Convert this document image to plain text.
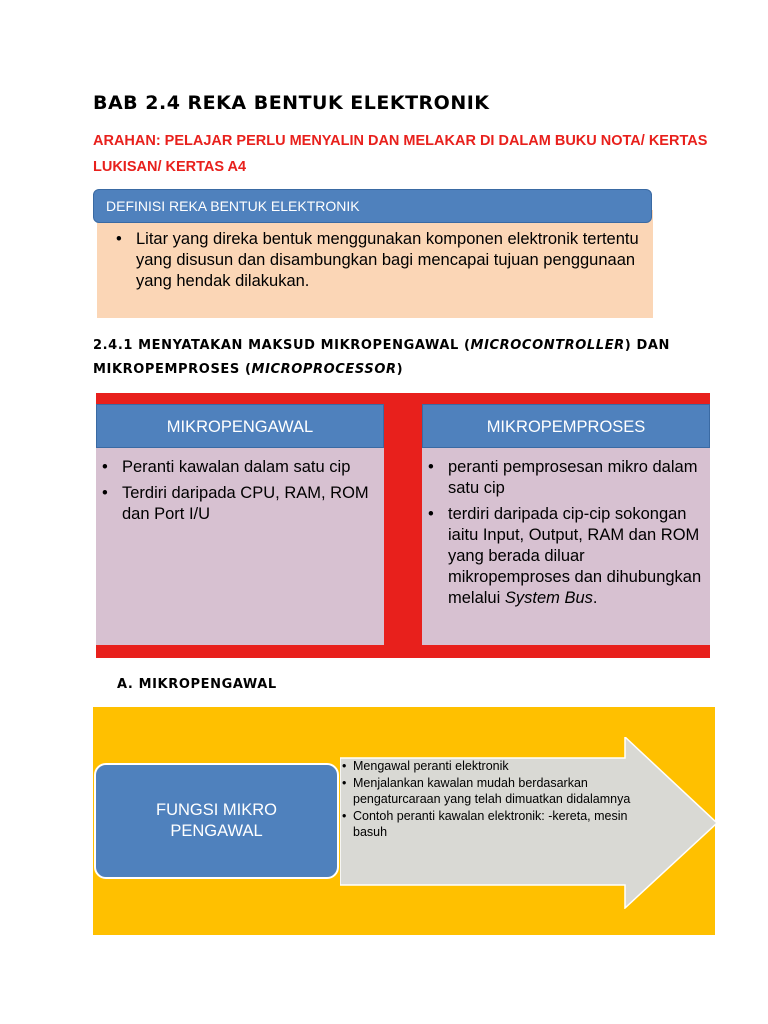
BAB 2.4 REKA BENTUK ELEKTRONIK
ARAHAN: PELAJAR PERLU MENYALIN DAN MELAKAR DI DALAM BUKU NOTA/ KERTAS LUKISAN/ KERTAS A4
DEFINISI REKA BENTUK ELEKTRONIK
• Litar yang direka bentuk menggunakan komponen elektronik tertentu yang disusun dan disambungkan bagi mencapai tujuan penggunaan yang hendak dilakukan.
2.4.1 MENYATAKAN MAKSUD MIKROPENGAWAL (MICROCONTROLLER) DAN MIKROPEMPROSES (MICROPROCESSOR)
MIKROPENGAWAL
• Peranti kawalan dalam satu cip
• Terdiri daripada CPU, RAM, ROM dan Port I/U
MIKROPEMPROSES
• peranti pemprosesan mikro dalam satu cip
• terdiri daripada cip-cip sokongan iaitu Input, Output, RAM dan ROM yang berada diluar mikropemproses dan dihubungkan melalui System Bus.
A. MIKROPENGAWAL
FUNGSI MIKRO
PENGAWAL
• Mengawal peranti elektronik
• Menjalankan kawalan mudah berdasarkan pengaturcaraan yang telah dimuatkan didalamnya
• Contoh peranti kawalan elektronik: -kereta, mesin basuh
